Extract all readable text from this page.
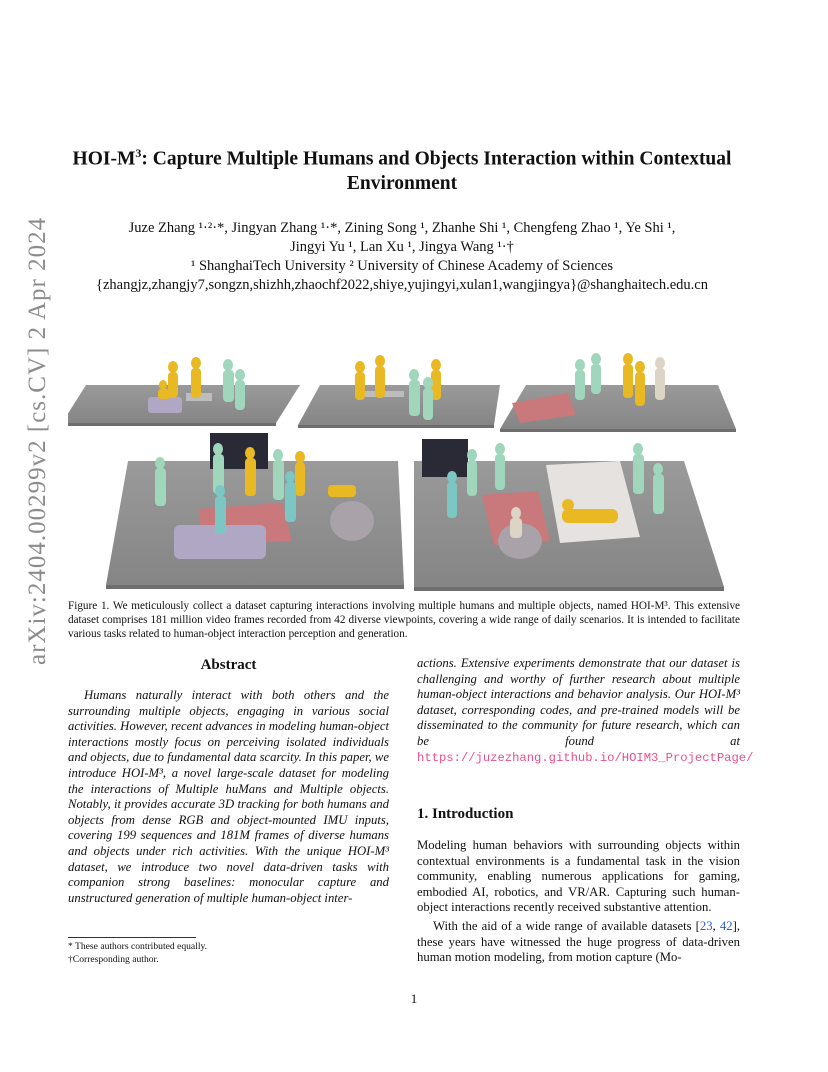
arXiv:2404.00299v2 [cs.CV] 2 Apr 2024
HOI-$M^3$: Capture Multiple Humans and Objects Interaction within Contextual
Environment
Juze Zhang ¹·²·*, Jingyan Zhang ¹·*, Zining Song ¹, Zhanhe Shi ¹, Chengfeng Zhao ¹, Ye Shi ¹,
Jingyi Yu ¹, Lan Xu ¹, Jingya Wang ¹·†
¹ ShanghaiTech University ² University of Chinese Academy of Sciences
{zhangjz,zhangjy7,songzn,shizhh,zhaochf2022,shiye,yujingyi,xulan1,wangjingya}@shanghaitech.edu.cn
Figure 1. We meticulously collect a dataset capturing interactions involving multiple humans and multiple objects, named HOI-M³. This extensive dataset comprises 181 million video frames recorded from 42 diverse viewpoints, covering a wide range of daily scenarios. It is intended to facilitate various tasks related to human-object interaction perception and generation.
Abstract
Humans naturally interact with both others and the surrounding multiple objects, engaging in various social activities. However, recent advances in modeling human-object interactions mostly focus on perceiving isolated individuals and objects, due to fundamental data scarcity. In this paper, we introduce HOI-M³, a novel large-scale dataset for modeling the interactions of Multiple huMans and Multiple objects. Notably, it provides accurate 3D tracking for both humans and objects from dense RGB and object-mounted IMU inputs, covering 199 sequences and 181M frames of diverse humans and objects under rich activities. With the unique HOI-M³ dataset, we introduce two novel data-driven tasks with companion strong baselines: monocular capture and unstructured generation of multiple human-object inter-
actions. Extensive experiments demonstrate that our dataset is challenging and worthy of further research about multiple human-object interactions and behavior analysis. Our HOI-M³ dataset, corresponding codes, and pre-trained models will be disseminated to the community for future research, which can be found at https://juzezhang.github.io/HOIM3_ProjectPage/
1. Introduction
Modeling human behaviors with surrounding objects within contextual environments is a fundamental task in the vision community, enabling numerous applications for gaming, embodied AI, robotics, and VR/AR. Capturing such human-object interactions recently received substantive attention.
With the aid of a wide range of available datasets [23, 42], these years have witnessed the huge progress of data-driven human motion modeling, from motion capture (Mo-
* These authors contributed equally.
†Corresponding author.
1
